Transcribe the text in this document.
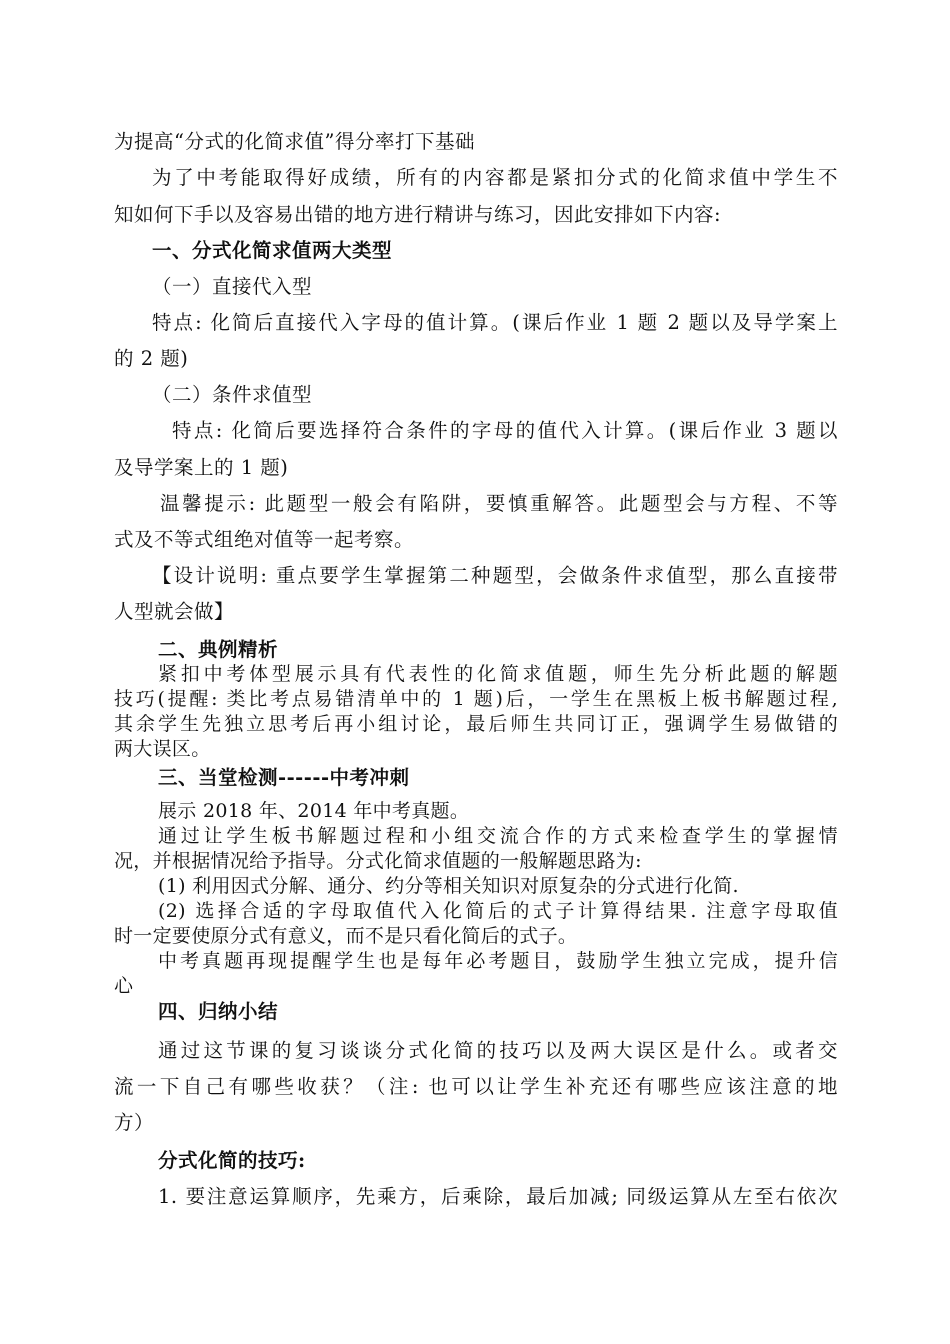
为提高“分式的化简求值”得分率打下基础
为了中考能取得好成绩，所有的内容都是紧扣分式的化简求值中学生不
知如何下手以及容易出错的地方进行精讲与练习，因此安排如下内容:
一、分式化简求值两大类型
（一）直接代入型
特点: 化简后直接代入字母的值计算。(课后作业 1 题 2 题以及导学案上
的 2 题)
（二）条件求值型
特点: 化简后要选择符合条件的字母的值代入计算。(课后作业 3 题以
及导学案上的 1 题)
温馨提示: 此题型一般会有陷阱，要慎重解答。此题型会与方程、不等
式及不等式组绝对值等一起考察。
【设计说明: 重点要学生掌握第二种题型，会做条件求值型，那么直接带
人型就会做】
二、典例精析
紧扣中考体型展示具有代表性的化简求值题，师生先分析此题的解题
技巧(提醒: 类比考点易错清单中的 1 题)后，一学生在黑板上板书解题过程,
其余学生先独立思考后再小组讨论，最后师生共同订正，强调学生易做错的
两大误区。
三、当堂检测------中考冲刺
展示 2018 年、2014 年中考真题。
通过让学生板书解题过程和小组交流合作的方式来检查学生的掌握情
况，并根据情况给予指导。分式化简求值题的一般解题思路为:
(1) 利用因式分解、通分、约分等相关知识对原复杂的分式进行化简.
(2) 选择合适的字母取值代入化简后的式子计算得结果. 注意字母取值
时一定要使原分式有意义，而不是只看化简后的式子。
中考真题再现提醒学生也是每年必考题目，鼓励学生独立完成，提升信
心
四、归纳小结
通过这节课的复习谈谈分式化简的技巧以及两大误区是什么。或者交
流一下自己有哪些收获？（注: 也可以让学生补充还有哪些应该注意的地
方）
分式化简的技巧:
1. 要注意运算顺序，先乘方，后乘除，最后加减; 同级运算从左至右依次
